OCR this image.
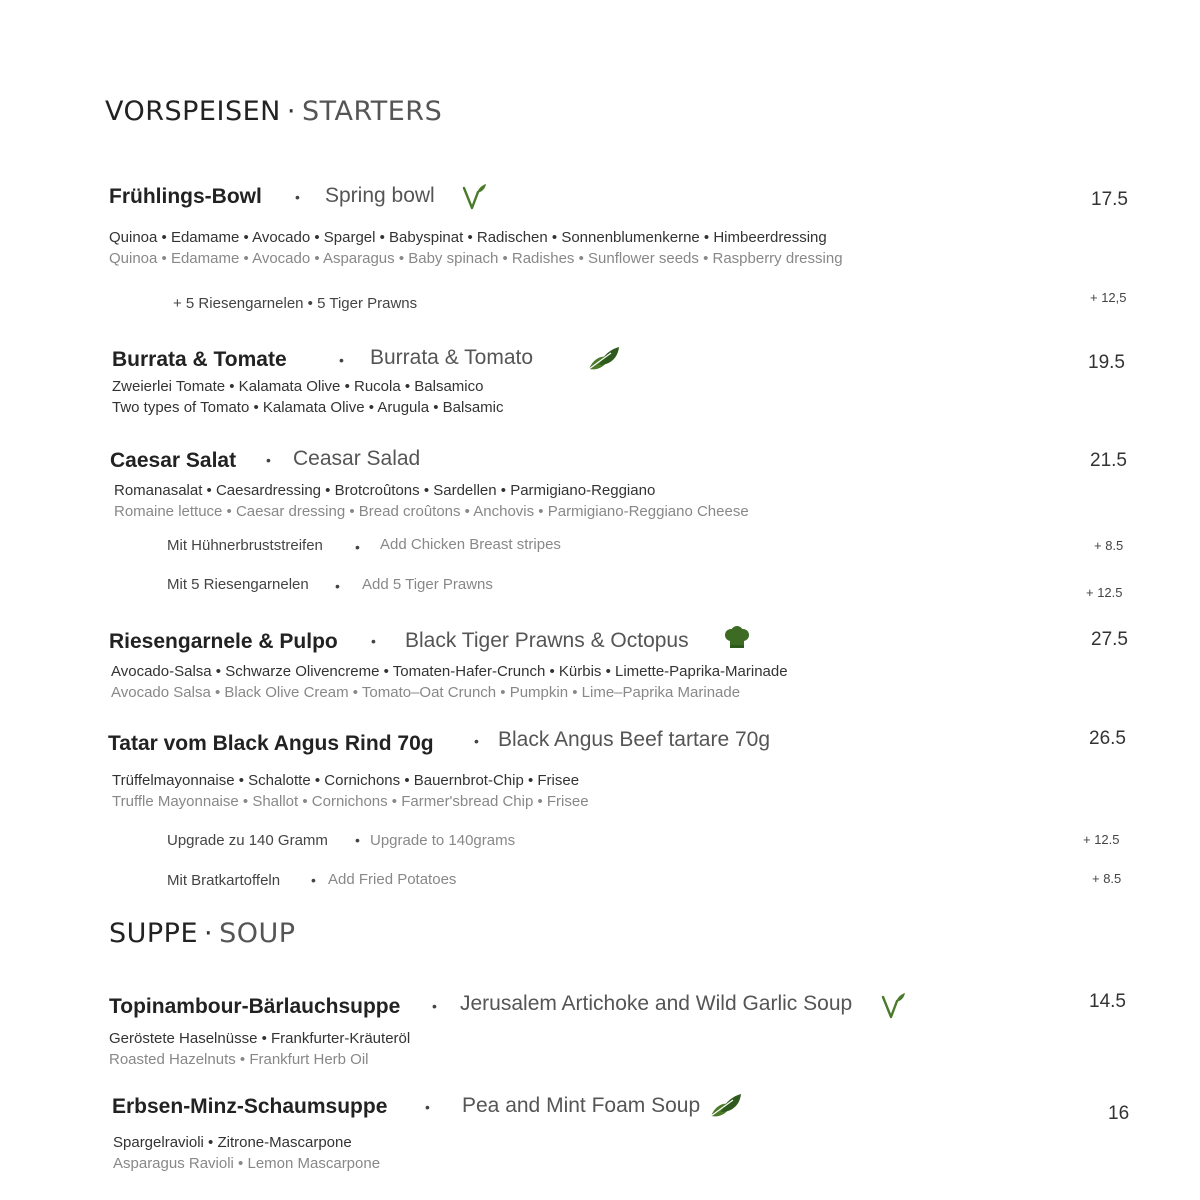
VORSPEISEN · STARTERS
Frühlings-Bowl • Spring bowl	17.5
Quinoa • Edamame • Avocado • Spargel • Babyspinat • Radischen • Sonnenblumenkerne • Himbeerdressing
Quinoa • Edamame • Avocado • Asparagus • Baby spinach • Radishes • Sunflower seeds • Raspberry dressing
+ 5 Riesengarnelen • 5 Tiger Prawns	+ 12,5
Burrata & Tomate	• Burrata & Tomato	19.5
Zweierlei Tomate • Kalamata Olive • Rucola • Balsamico
Two types of Tomato • Kalamata Olive • Arugula • Balsamic
Caesar Salat • Ceasar Salad	21.5
Romanasalat • Caesardressing • Brotcroûtons • Sardellen • Parmigiano-Reggiano
Romaine lettuce • Caesar dressing • Bread croûtons • Anchovis • Parmigiano-Reggiano Cheese
Mit Hühnerbruststreifen • Add Chicken Breast stripes	+ 8.5
Mit 5 Riesengarnelen • Add 5 Tiger Prawns	+ 12.5
Riesengarnele & Pulpo • Black Tiger Prawns & Octopus	27.5
Avocado-Salsa • Schwarze Olivencreme • Tomaten-Hafer-Crunch • Kürbis • Limette-Paprika-Marinade
Avocado Salsa • Black Olive Cream • Tomato–Oat Crunch • Pumpkin • Lime–Paprika Marinade
Tatar vom Black Angus Rind 70g	• Black Angus Beef tartare 70g	26.5
Trüffelmayonnaise • Schalotte • Cornichons • Bauernbrot-Chip • Frisee
Truffle Mayonnaise • Shallot • Cornichons • Farmer'sbread Chip • Frisee
Upgrade zu 140 Gramm • Upgrade to 140grams	+ 12.5
Mit Bratkartoffeln • Add Fried Potatoes	+ 8.5
SUPPE · SOUP
Topinambour-Bärlauchsuppe • Jerusalem Artichoke and Wild Garlic Soup	14.5
Geröstete Haselnüsse • Frankfurter-Kräuteröl
Roasted Hazelnuts • Frankfurt Herb Oil
Erbsen-Minz-Schaumsuppe	• Pea and Mint Foam Soup	16
Spargelravioli • Zitrone-Mascarpone
Asparagus Ravioli • Lemon Mascarpone
